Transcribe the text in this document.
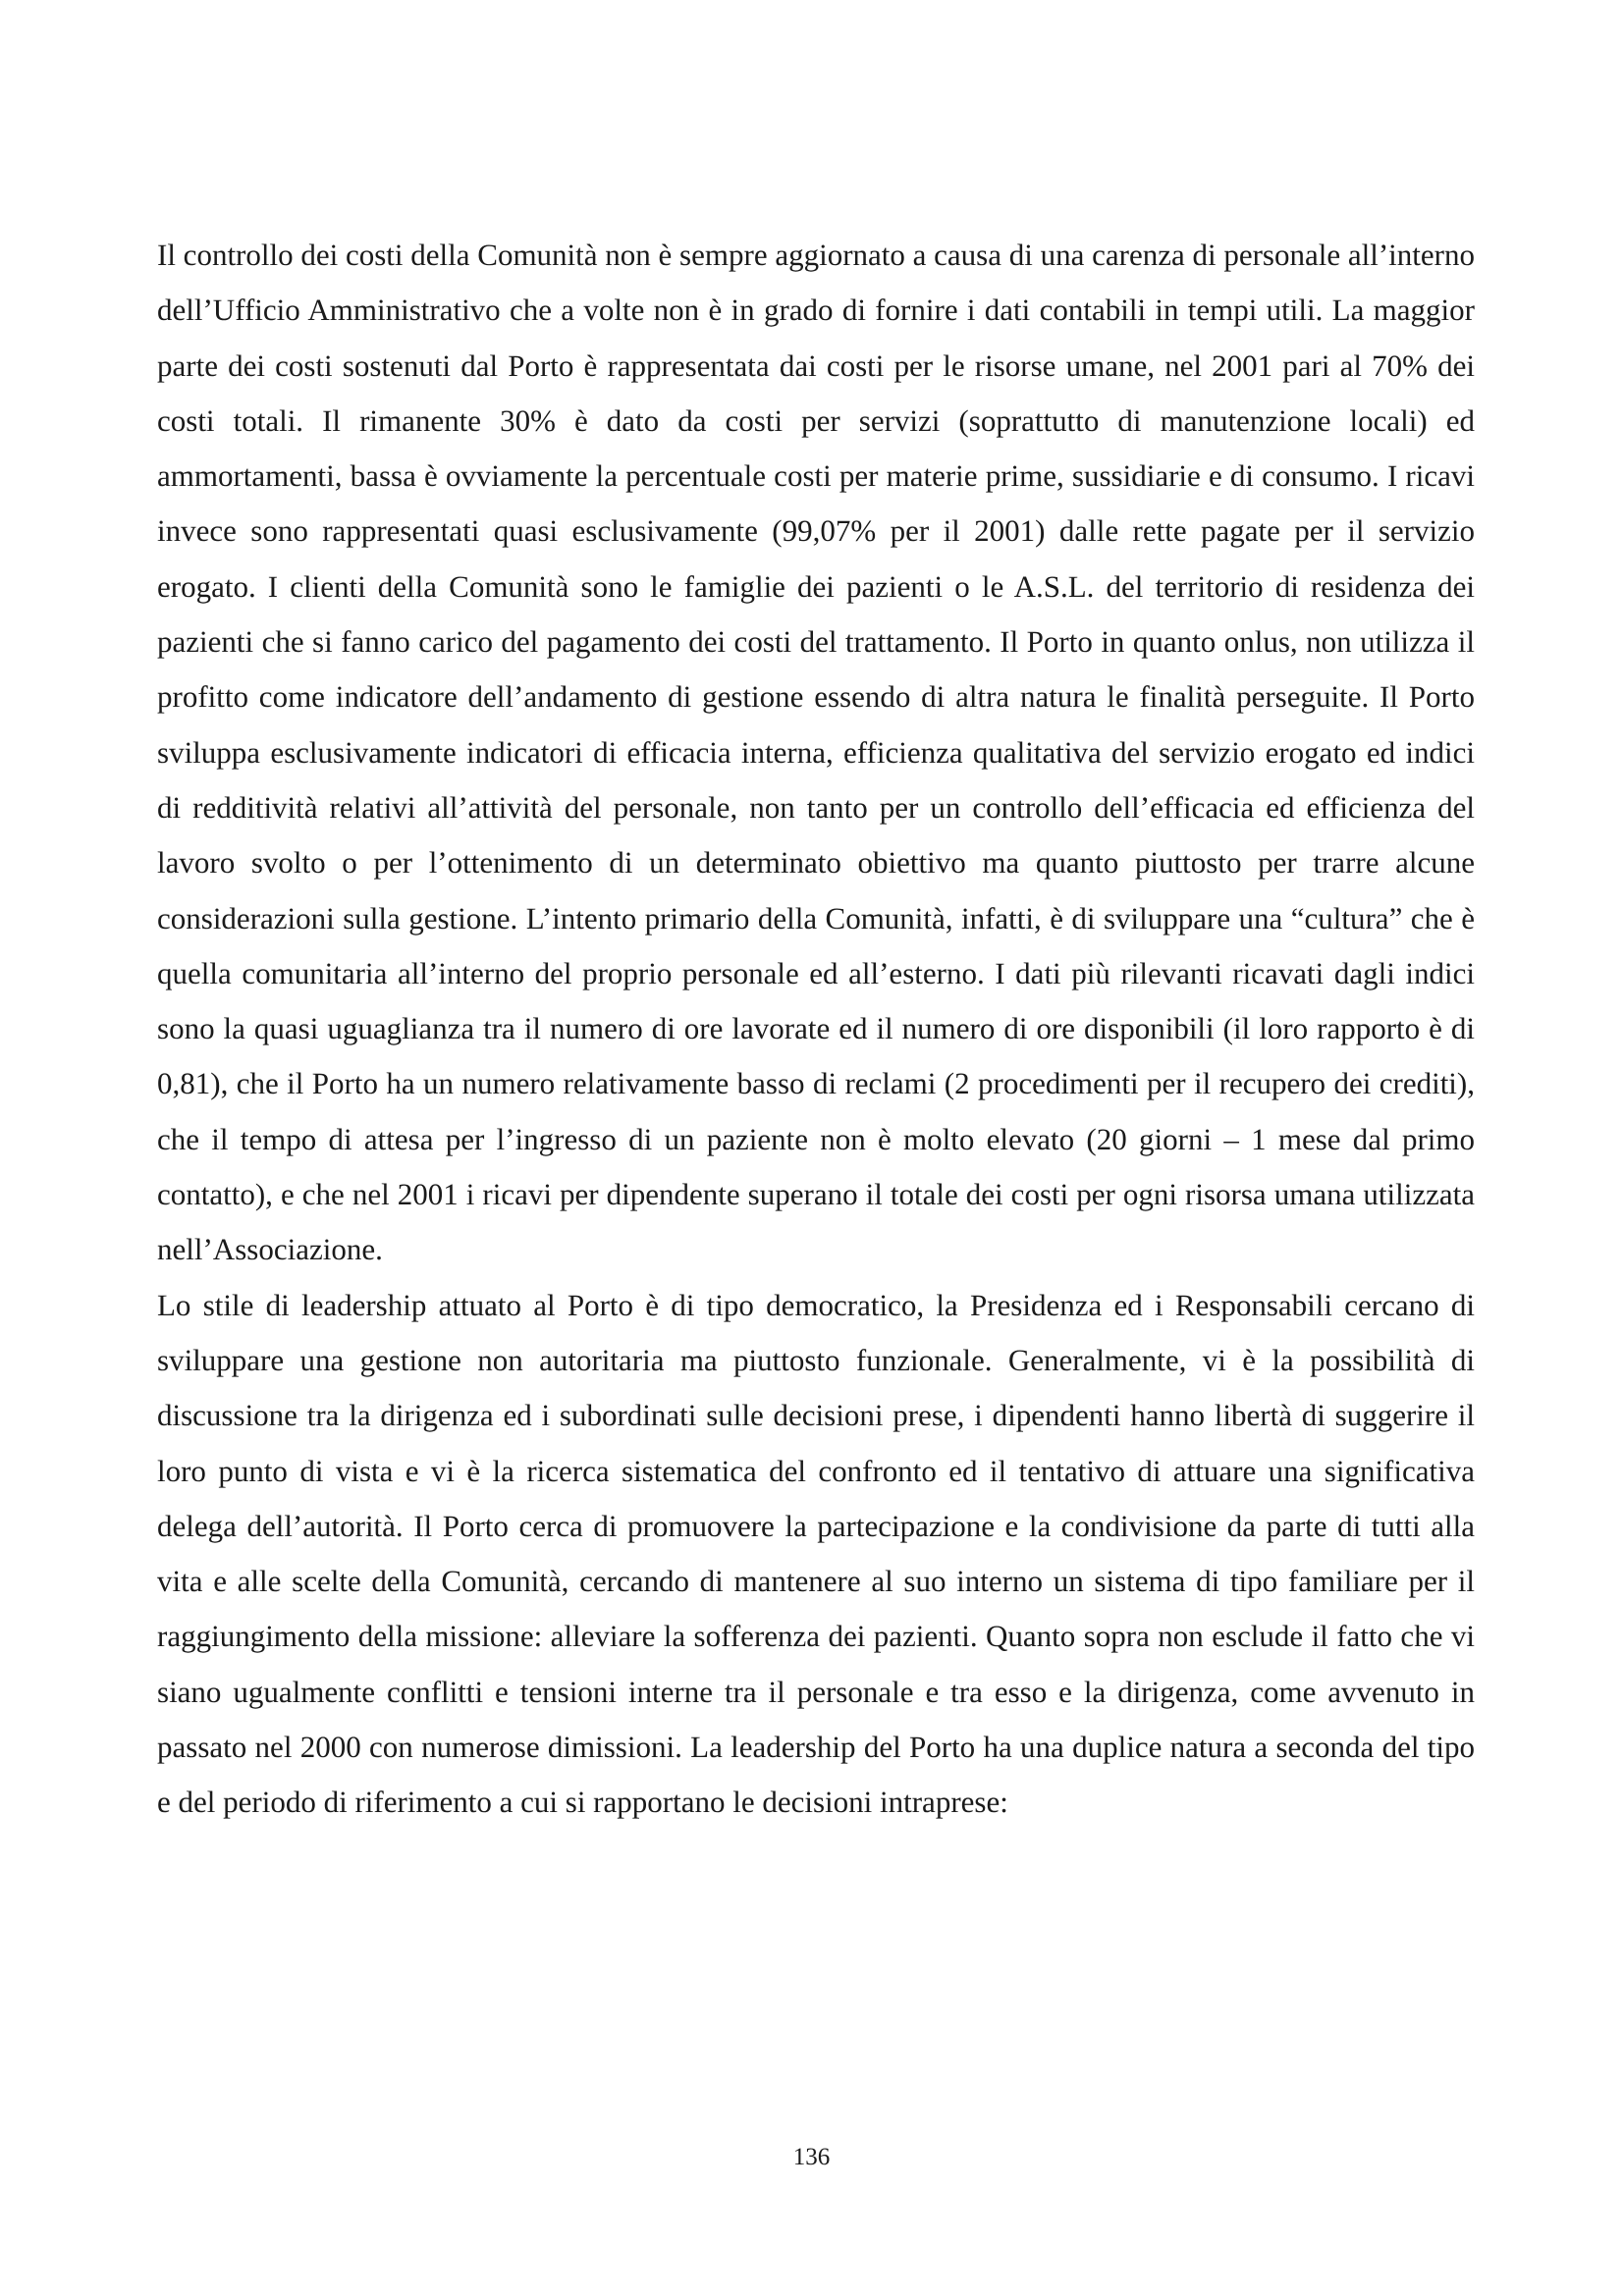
Il controllo dei costi della Comunità non è sempre aggiornato a causa di una carenza di personale all’interno dell’Ufficio Amministrativo che a volte non è in grado di fornire i dati contabili in tempi utili. La maggior parte dei costi sostenuti dal Porto è rappresentata dai costi per le risorse umane, nel 2001 pari al 70% dei costi totali. Il rimanente 30% è dato da costi per servizi (soprattutto di manutenzione locali) ed ammortamenti, bassa è ovviamente la percentuale costi per materie prime, sussidiarie e di consumo. I ricavi invece sono rappresentati quasi esclusivamente (99,07% per il 2001) dalle rette pagate per il servizio erogato. I clienti della Comunità sono le famiglie dei pazienti o le A.S.L. del territorio di residenza dei pazienti che si fanno carico del pagamento dei costi del trattamento. Il Porto in quanto onlus, non utilizza il profitto come indicatore dell’andamento di gestione essendo di altra natura le finalità perseguite. Il Porto sviluppa esclusivamente indicatori di efficacia interna, efficienza qualitativa del servizio erogato ed indici di redditività relativi all’attività del personale, non tanto per un controllo dell’efficacia ed efficienza del lavoro svolto o per l’ottenimento di un determinato obiettivo ma quanto piuttosto per trarre alcune considerazioni sulla gestione. L’intento primario della Comunità, infatti, è di sviluppare una “cultura” che è quella comunitaria all’interno del proprio personale ed all’esterno. I dati più rilevanti ricavati dagli indici sono la quasi uguaglianza tra il numero di ore lavorate ed il numero di ore disponibili (il loro rapporto è di 0,81), che il Porto ha un numero relativamente basso di reclami (2 procedimenti per il recupero dei crediti), che il tempo di attesa per l’ingresso di un paziente non è molto elevato (20 giorni – 1 mese dal primo contatto), e che nel 2001 i ricavi per dipendente superano il totale dei costi per ogni risorsa umana utilizzata nell’Associazione.

Lo stile di leadership attuato al Porto è di tipo democratico, la Presidenza ed i Responsabili cercano di sviluppare una gestione non autoritaria ma piuttosto funzionale. Generalmente, vi è la possibilità di discussione tra la dirigenza ed i subordinati sulle decisioni prese, i dipendenti hanno libertà di suggerire il loro punto di vista e vi è la ricerca sistematica del confronto ed il tentativo di attuare una significativa delega dell’autorità. Il Porto cerca di promuovere la partecipazione e la condivisione da parte di tutti alla vita e alle scelte della Comunità, cercando di mantenere al suo interno un sistema di tipo familiare per il raggiungimento della missione: alleviare la sofferenza dei pazienti. Quanto sopra non esclude il fatto che vi siano ugualmente conflitti e tensioni interne tra il personale e tra esso e la dirigenza, come avvenuto in passato nel 2000 con numerose dimissioni. La leadership del Porto ha una duplice natura a seconda del tipo e del periodo di riferimento a cui si rapportano le decisioni intraprese:

136
